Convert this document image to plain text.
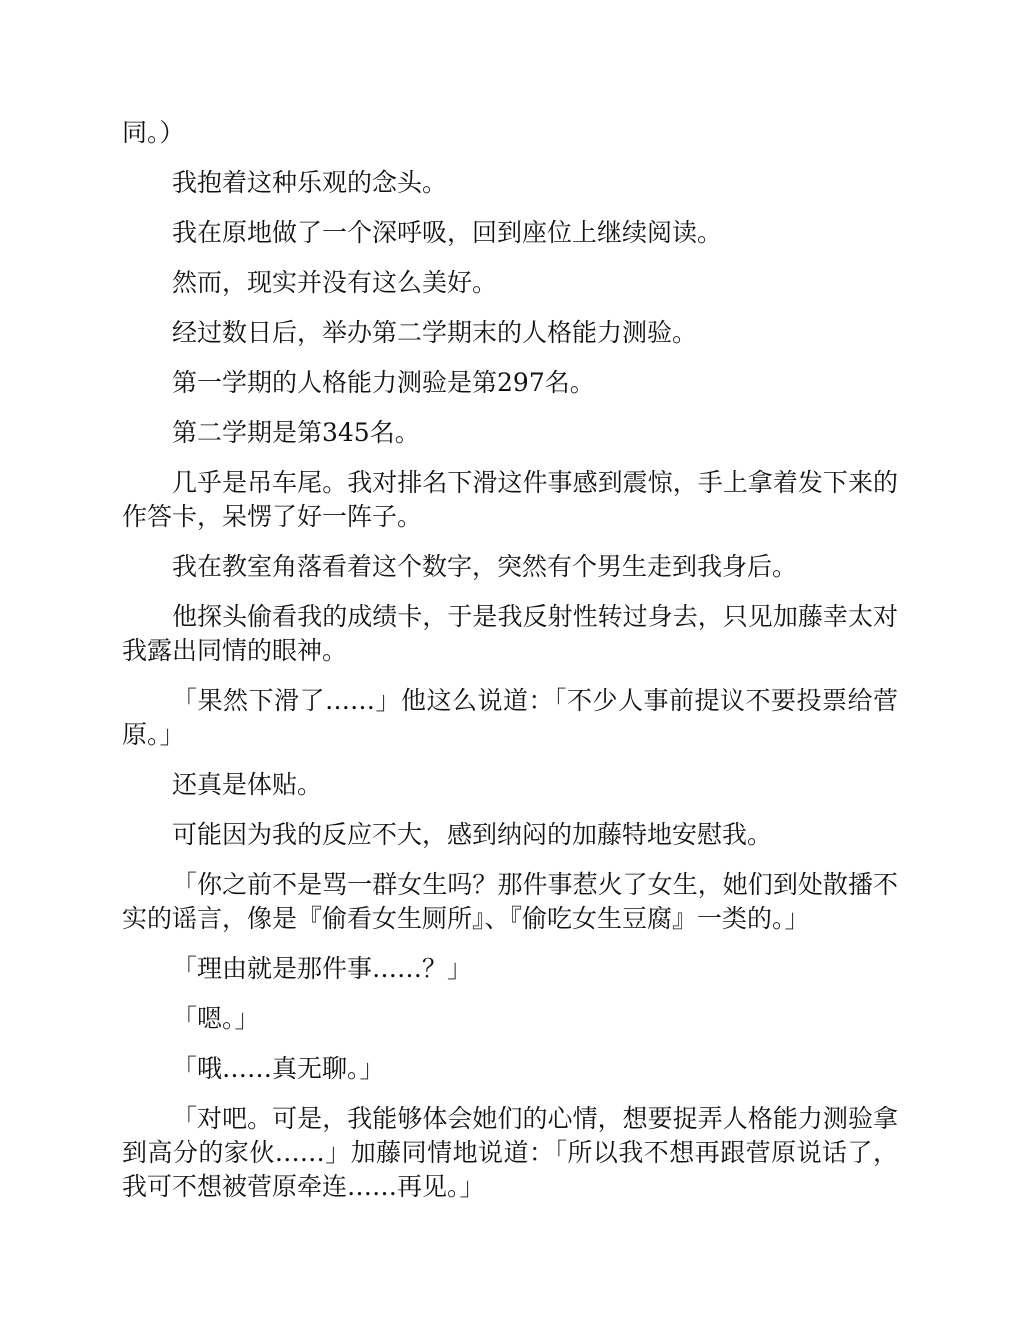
同。）

我抱着这种乐观的念头。

我在原地做了一个深呼吸，回到座位上继续阅读。

然而，现实并没有这么美好。

经过数日后，举办第二学期末的人格能力测验。

第一学期的人格能力测验是第297名。

第二学期是第345名。

几乎是吊车尾。我对排名下滑这件事感到震惊，手上拿着发下来的作答卡，呆愣了好一阵子。

我在教室角落看着这个数字，突然有个男生走到我身后。

他探头偷看我的成绩卡，于是我反射性转过身去，只见加藤幸太对我露出同情的眼神。

「果然下滑了……」他这么说道：「不少人事前提议不要投票给菅原。」

还真是体贴。

可能因为我的反应不大，感到纳闷的加藤特地安慰我。

「你之前不是骂一群女生吗？那件事惹火了女生，她们到处散播不实的谣言，像是『偷看女生厕所』、『偷吃女生豆腐』一类的。」

「理由就是那件事……？」

「嗯。」

「哦……真无聊。」

「对吧。可是，我能够体会她们的心情，想要捉弄人格能力测验拿到高分的家伙……」加藤同情地说道：「所以我不想再跟菅原说话了，我可不想被菅原牵连……再见。」
